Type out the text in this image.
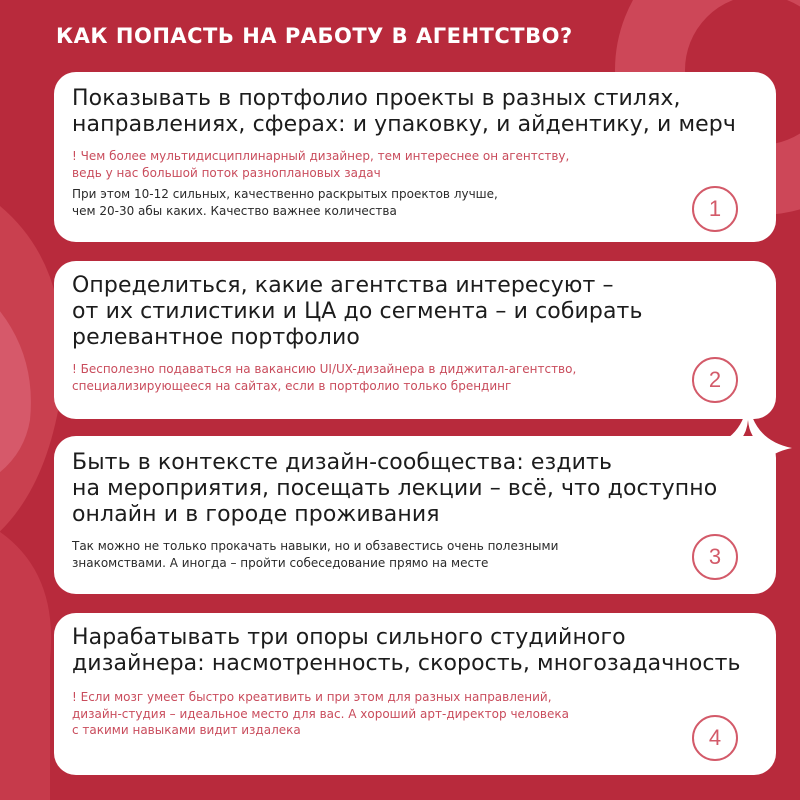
КАК ПОПАСТЬ НА РАБОТУ В АГЕНТСТВО?
Показывать в портфолио проекты в разных стилях,
направлениях, сферах: и упаковку, и айдентику, и мерч
! Чем более мультидисциплинарный дизайнер, тем интереснее он агентству,
ведь у нас большой поток разноплановых задач
При этом 10-12 сильных, качественно раскрытых проектов лучше,
чем 20-30 абы каких. Качество важнее количества	1
Определиться, какие агентства интересуют –
от их стилистики и ЦА до сегмента – и собирать
релевантное портфолио
! Бесполезно подаваться на вакансию UI/UX-дизайнера в диджитал-агентство,
специализирующееся на сайтах, если в портфолио только брендинг	2
Быть в контексте дизайн-сообщества: ездить
на мероприятия, посещать лекции – всё, что доступно
онлайн и в городе проживания
Так можно не только прокачать навыки, но и обзавестись очень полезными
знакомствами. А иногда – пройти собеседование прямо на месте	3
Нарабатывать три опоры сильного студийного
дизайнера: насмотренность, скорость, многозадачность
! Если мозг умеет быстро креативить и при этом для разных направлений,
дизайн-студия – идеальное место для вас. А хороший арт-директор человека
с такими навыками видит издалека	4
